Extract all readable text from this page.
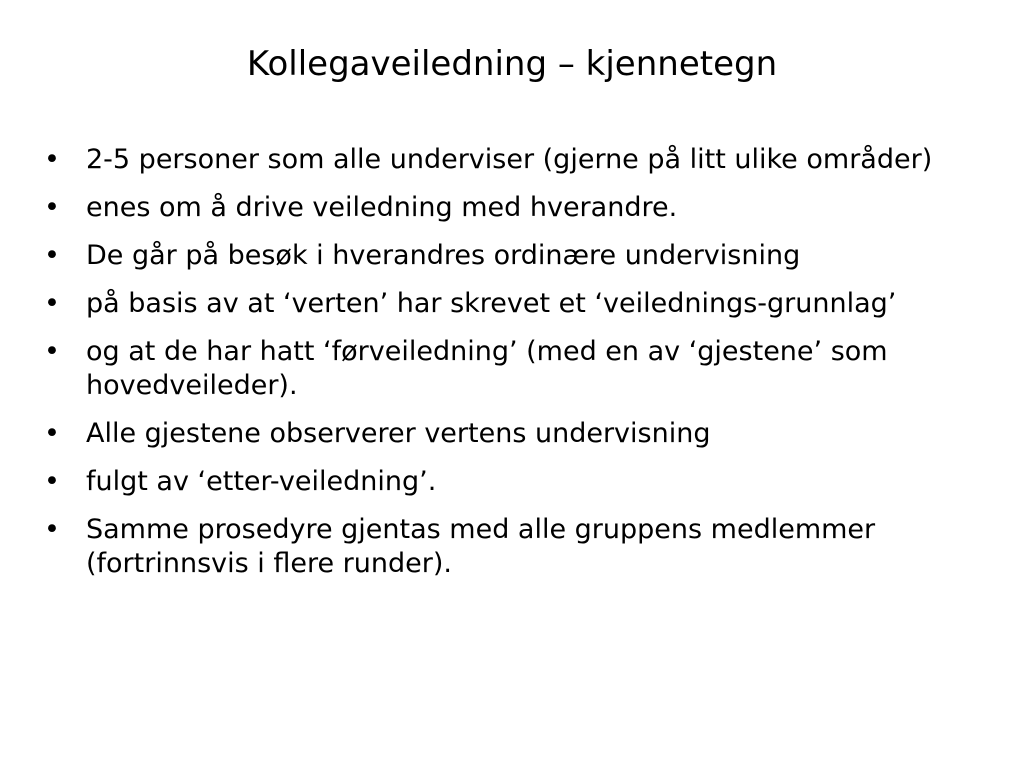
Kollegaveiledning – kjennetegn
• 2-5 personer som alle underviser (gjerne på litt ulike områder)
• enes om å drive veiledning med hverandre.
• De går på besøk i hverandres ordinære undervisning
• på basis av at ‘verten’ har skrevet et ‘veilednings-grunnlag’
• og at de har hatt ‘førveiledning’ (med en av ‘gjestene’ som hovedveileder).
• Alle gjestene observerer vertens undervisning
• fulgt av ‘etter-veiledning’.
• Samme prosedyre gjentas med alle gruppens medlemmer (fortrinnsvis i flere runder).
